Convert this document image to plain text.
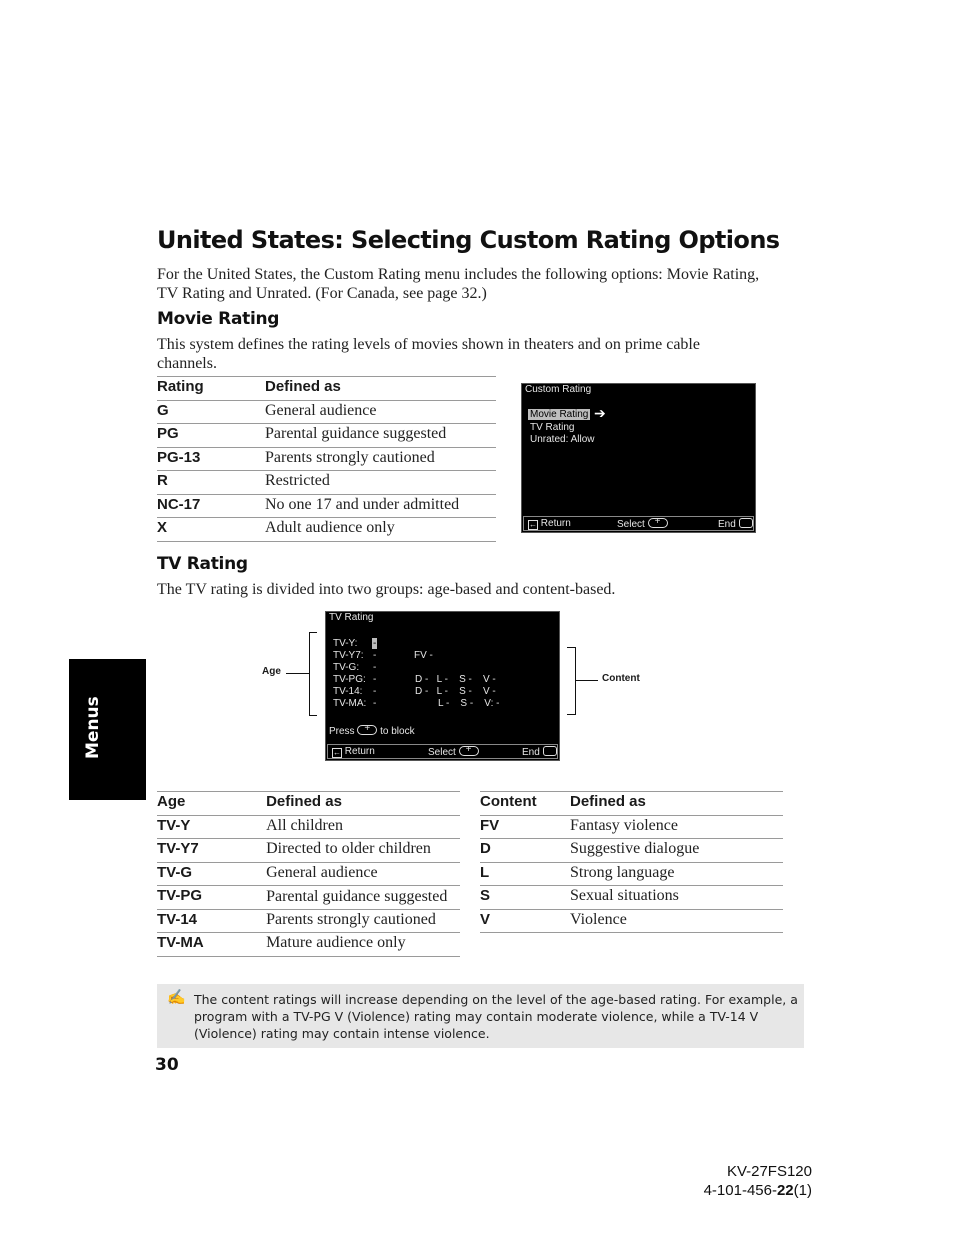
United States: Selecting Custom Rating Options
For the United States, the Custom Rating menu includes the following options: Movie Rating,
TV Rating and Unrated. (For Canada, see page 32.)
Movie Rating
This system defines the rating levels of movies shown in theaters and on prime cable
channels.
Rating	Defined as
G	General audience
PG	Parental guidance suggested
PG-13	Parents strongly cautioned
R	Restricted
NC-17	No one 17 and under admitted
X	Adult audience only
Custom Rating
Movie Rating ➔
TV Rating
Unrated: Allow
← Return	Select +	End
TV Rating
The TV rating is divided into two groups: age-based and content-based.
Age
TV Rating
TV-Y: -
TV-Y7: -	FV -
TV-G: -
TV-PG: -	D -   L -    S -    V -
TV-14: -	D -   L -    S -    V -
TV-MA: -	L -    S -    V: -
Press +	to block
← Return	Select +	End
Content
Menus
Age	Defined as
TV-Y	All children
TV-Y7	Directed to older children
TV-G	General audience
TV-PG	Parental guidance suggested
TV-14	Parents strongly cautioned
TV-MA	Mature audience only
Content	Defined as
FV	Fantasy violence
D	Suggestive dialogue
L	Strong language
S	Sexual situations
V	Violence
✍ The content ratings will increase depending on the level of the age-based rating. For example, a program with a TV-PG V (Violence) rating may contain moderate violence, while a TV-14 V (Violence) rating may contain intense violence.
30
KV-27FS120
4-101-456-22(1)
